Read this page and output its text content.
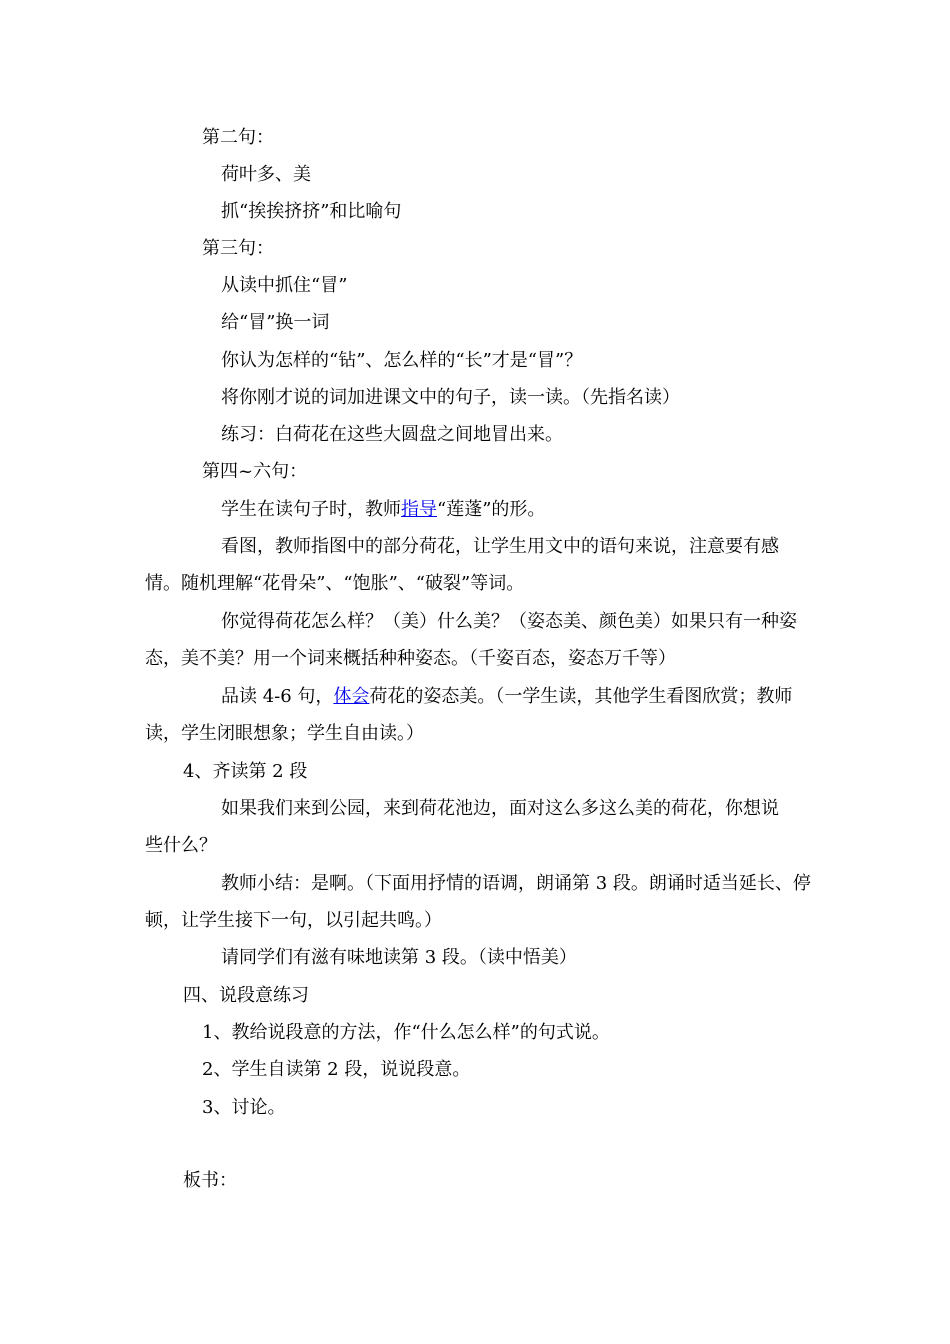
第二句：
荷叶多、美
抓“挨挨挤挤”和比喻句
第三句：
从读中抓住“冒”
给“冒”换一词
你认为怎样的“钻”、怎么样的“长”才是“冒”？
将你刚才说的词加进课文中的句子，读一读。（先指名读）
练习：白荷花在这些大圆盘之间地冒出来。
第四~六句：
学生在读句子时，教师指导“莲蓬”的形。
看图，教师指图中的部分荷花，让学生用文中的语句来说，注意要有感
情。随机理解“花骨朵”、“饱胀”、“破裂”等词。
你觉得荷花怎么样？（美）什么美？（姿态美、颜色美）如果只有一种姿
态，美不美？用一个词来概括种种姿态。（千姿百态，姿态万千等）
品读 4-6 句，体会荷花的姿态美。（一学生读，其他学生看图欣赏；教师
读，学生闭眼想象；学生自由读。）
4、齐读第 2 段
如果我们来到公园，来到荷花池边，面对这么多这么美的荷花，你想说
些什么？
教师小结：是啊。（下面用抒情的语调，朗诵第 3 段。朗诵时适当延长、停
顿，让学生接下一句，以引起共鸣。）
请同学们有滋有味地读第 3 段。（读中悟美）
四、说段意练习
1、教给说段意的方法，作“什么怎么样”的句式说。
2、学生自读第 2 段，说说段意。
3、讨论。
板书：
